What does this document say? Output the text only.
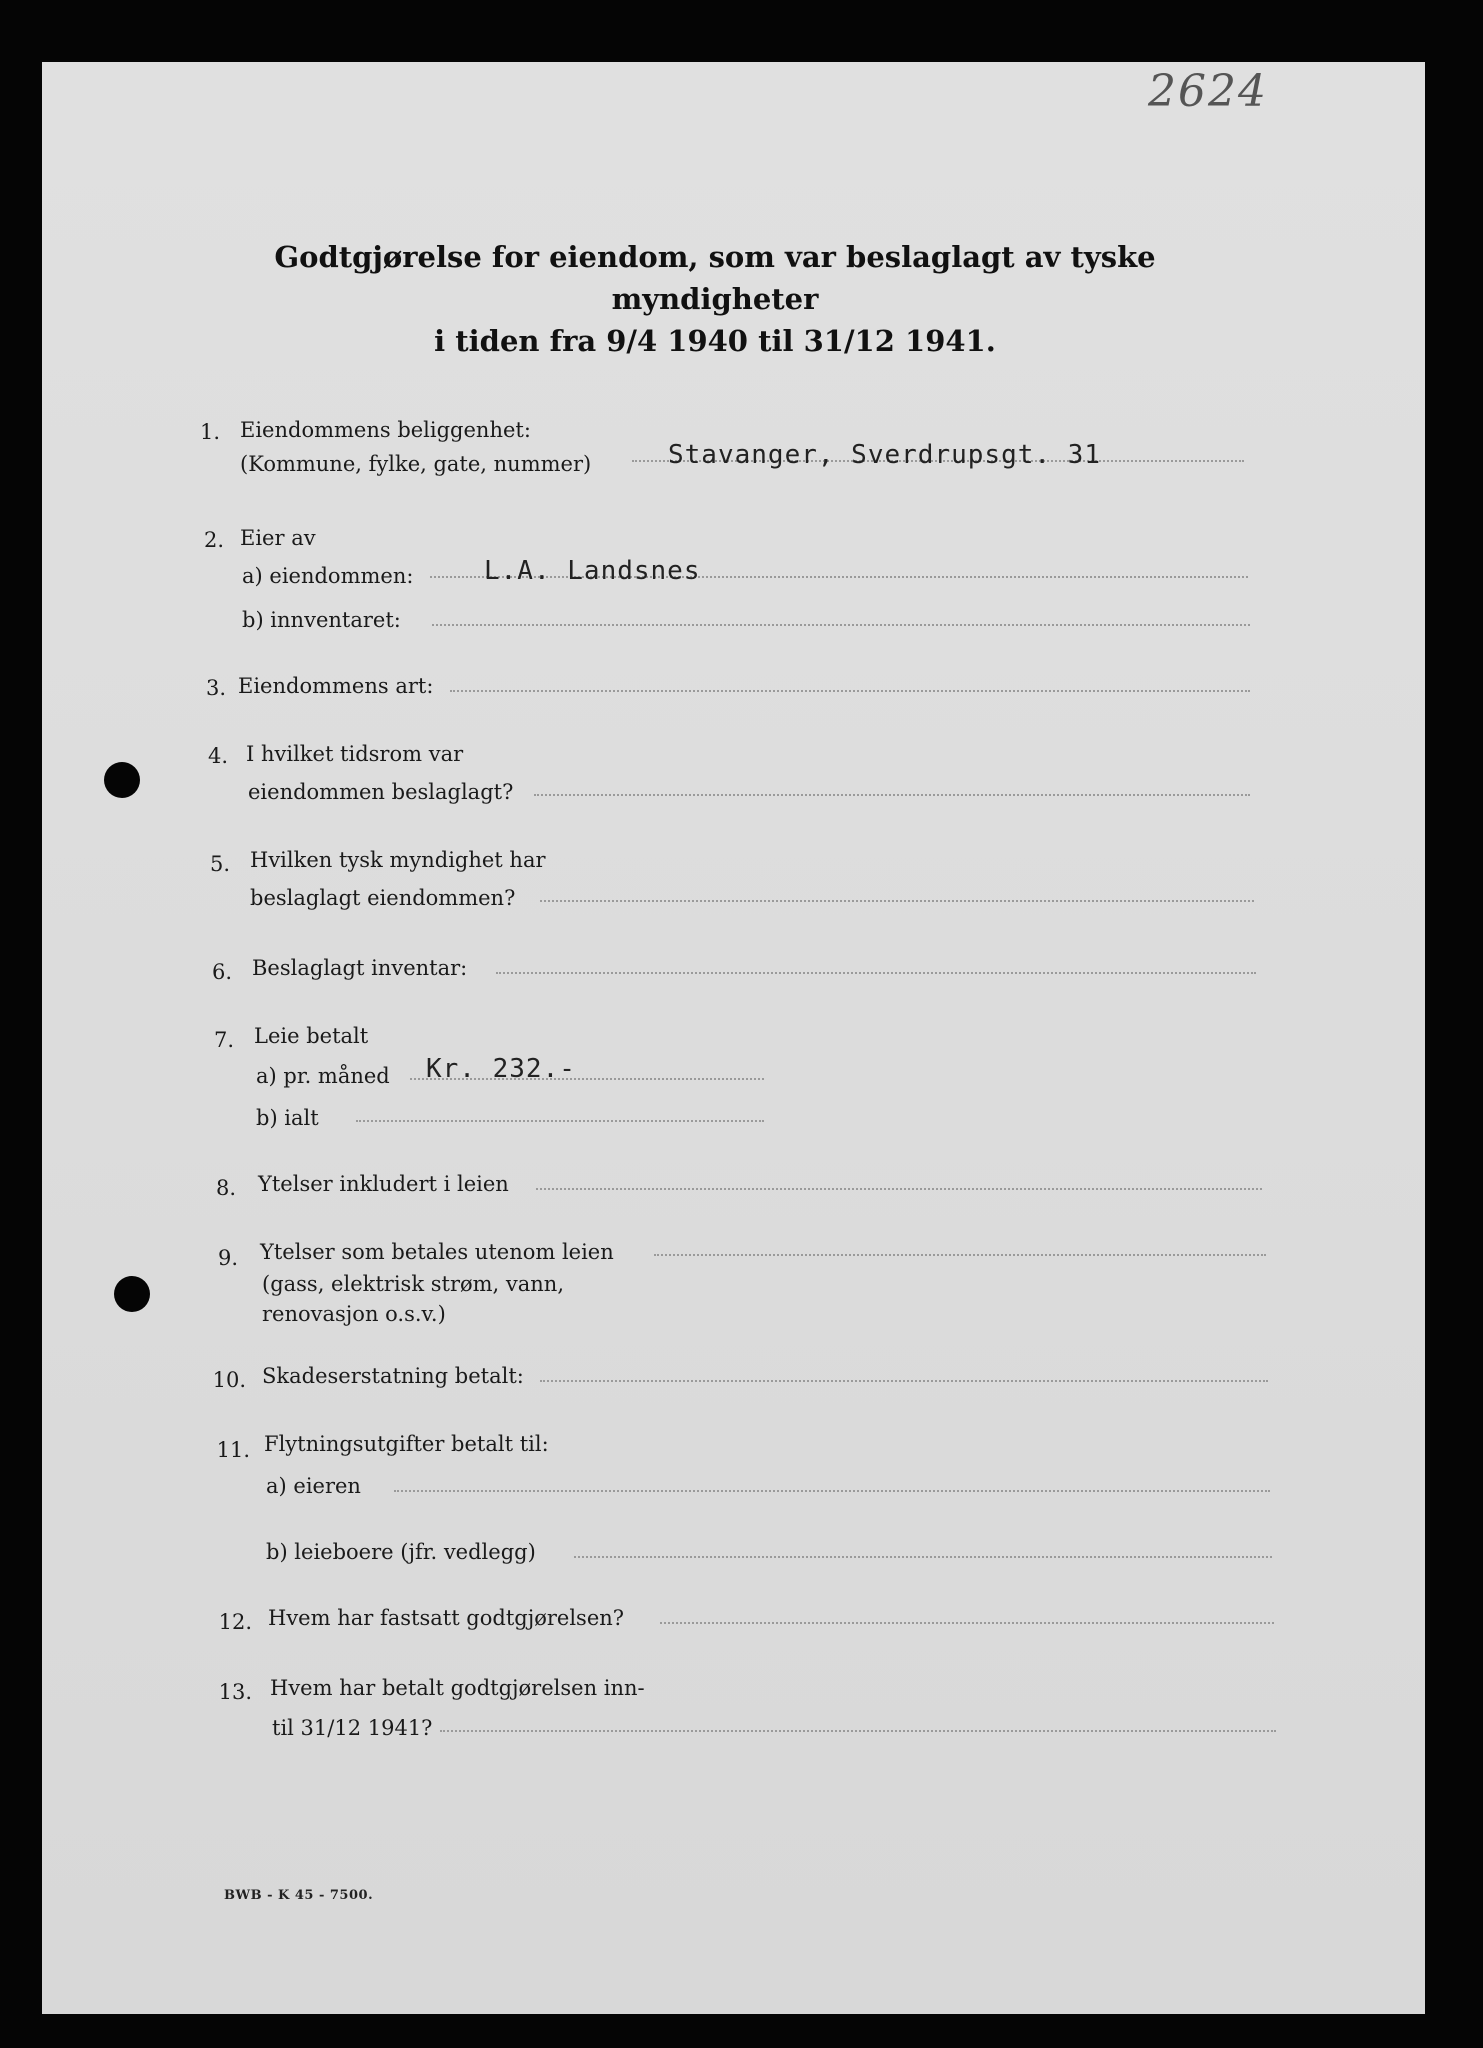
2624
Godtgjørelse for eiendom, som var beslaglagt av tyske myndigheter
i tiden fra 9/4 1940 til 31/12 1941.
1. Eiendommens beliggenhet:
(Kommune, fylke, gate, nummer)	Stavanger, Sverdrupsgt. 31
2. Eier av
a) eiendommen:	L.A. Landsnes
b) innventaret:
3. Eiendommens art:
4. I hvilket tidsrom var
eiendommen beslaglagt?
5. Hvilken tysk myndighet har
beslaglagt eiendommen?
6. Beslaglagt inventar:
7. Leie betalt
a) pr. måned Kr. 232.-
b) ialt
8. Ytelser inkludert i leien
9. Ytelser som betales utenom leien
(gass, elektrisk strøm, vann,
renovasjon o.s.v.)
10. Skadeserstatning betalt:
11. Flytningsutgifter betalt til:
a) eieren
b) leieboere (jfr. vedlegg)
12. Hvem har fastsatt godtgjørelsen?
13. Hvem har betalt godtgjørelsen inn-
til 31/12 1941?
BWB - K 45 - 7500.
